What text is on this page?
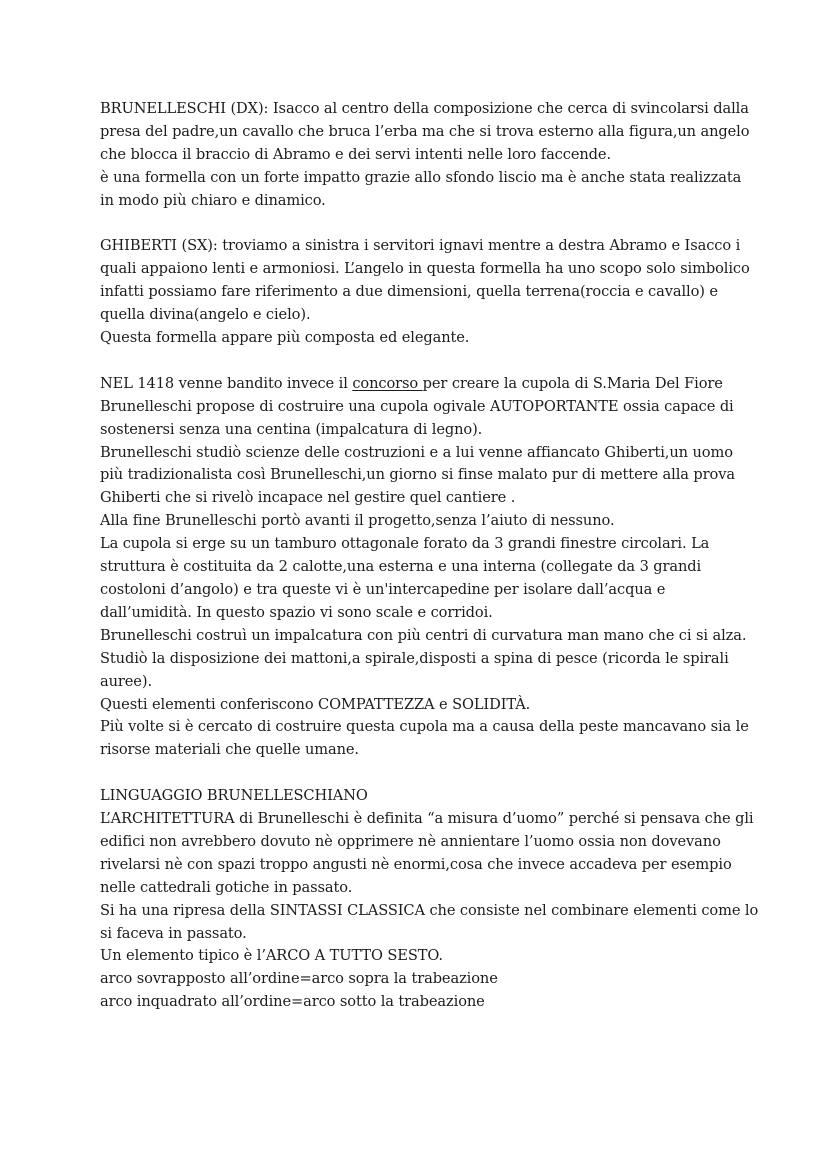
BRUNELLESCHI (DX): Isacco al centro della composizione che cerca di svincolarsi dalla
presa del padre,un cavallo che bruca l’erba ma che si trova esterno alla figura,un angelo
che blocca il braccio di Abramo e dei servi intenti nelle loro faccende.
è una formella con un forte impatto grazie allo sfondo liscio ma è anche stata realizzata
in modo più chiaro e dinamico.
GHIBERTI (SX): troviamo a sinistra i servitori ignavi mentre a destra Abramo e Isacco i
quali appaiono lenti e armoniosi. L’angelo in questa formella ha uno scopo solo simbolico
infatti possiamo fare riferimento a due dimensioni, quella terrena(roccia e cavallo) e
quella divina(angelo e cielo).
Questa formella appare più composta ed elegante.
NEL 1418 venne bandito invece il concorso per creare la cupola di S.Maria Del Fiore
Brunelleschi propose di costruire una cupola ogivale AUTOPORTANTE ossia capace di
sostenersi senza una centina (impalcatura di legno).
Brunelleschi studiò scienze delle costruzioni e a lui venne affiancato Ghiberti,un uomo
più tradizionalista così Brunelleschi,un giorno si finse malato pur di mettere alla prova
Ghiberti che si rivelò incapace nel gestire quel cantiere .
Alla fine Brunelleschi portò avanti il progetto,senza l’aiuto di nessuno.
La cupola si erge su un tamburo ottagonale forato da 3 grandi finestre circolari. La
struttura è costituita da 2 calotte,una esterna e una interna (collegate da 3 grandi
costoloni d’angolo) e tra queste vi è un'intercapedine per isolare dall’acqua e
dall’umidità. In questo spazio vi sono scale e corridoi.
Brunelleschi costruì un impalcatura con più centri di curvatura man mano che ci si alza.
Studiò la disposizione dei mattoni,a spirale,disposti a spina di pesce (ricorda le spirali
auree).
Questi elementi conferiscono COMPATTEZZA e SOLIDITÀ.
Più volte si è cercato di costruire questa cupola ma a causa della peste mancavano sia le
risorse materiali che quelle umane.
LINGUAGGIO BRUNELLESCHIANO
L’ARCHITETTURA di Brunelleschi è definita “a misura d’uomo” perché si pensava che gli
edifici non avrebbero dovuto nè opprimere nè annientare l’uomo ossia non dovevano
rivelarsi nè con spazi troppo angusti nè enormi,cosa che invece accadeva per esempio
nelle cattedrali gotiche in passato.
Si ha una ripresa della SINTASSI CLASSICA che consiste nel combinare elementi come lo
si faceva in passato.
Un elemento tipico è l’ARCO A TUTTO SESTO.
arco sovrapposto all’ordine=arco sopra la trabeazione
arco inquadrato all’ordine=arco sotto la trabeazione
